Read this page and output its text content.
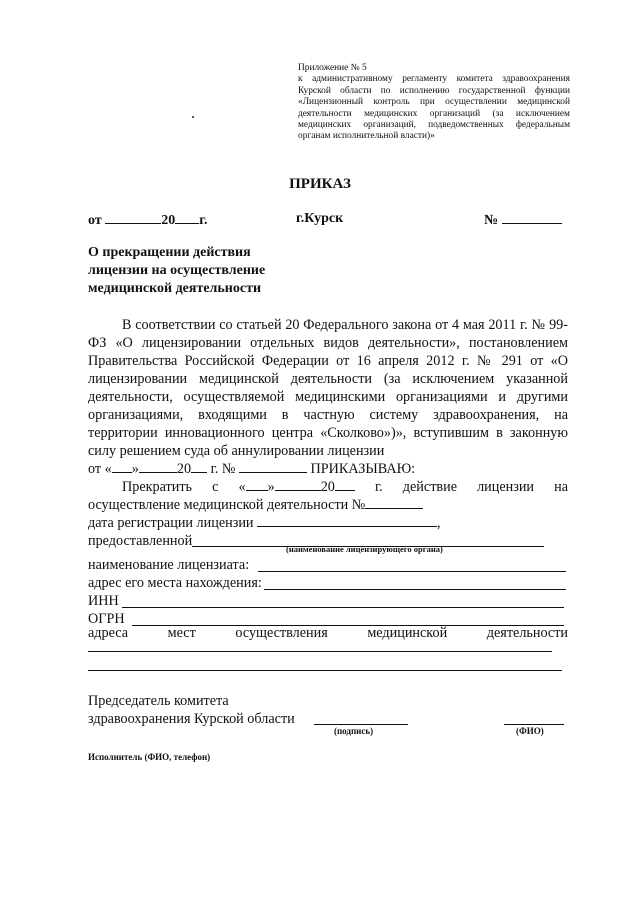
Приложение № 5
к административному регламенту комитета здравоохранения Курской области по исполнению государственной функции «Лицензионный контроль при осуществлении медицинской деятельности медицинских организаций (за исключением медицинских организаций, подведомственных федеральным органам исполнительной власти)»
ПРИКАЗ
от	20 г.	г.Курск	№
О прекращении действия лицензии на осуществление медицинской деятельности
В соответствии со статьей 20 Федерального закона от 4 мая 2011 г. № 99-ФЗ «О лицензировании отдельных видов деятельности», постановлением Правительства Российской Федерации от 16 апреля 2012 г. № 291 от «О лицензировании медицинской деятельности (за исключением указанной деятельности, осуществляемой медицинскими организациями и другими организациями, входящими в частную систему здравоохранения, на территории инновационного центра «Сколково»)», вступившим в законную силу решением суда об аннулировании лицензии
от « »	20 г. №	ПРИКАЗЫВАЮ:
Прекратить с « »	20	г. действие лицензии на
осуществление медицинской деятельности №
дата регистрации лицензии	,
предоставленной	(наименование лицензирующего органа)
наименование лицензиата:
адрес его места нахождения:
ИНН
ОГРН
адреса	мест	осуществления	медицинской	деятельности
Председатель комитета
здравоохранения Курской области
(подпись)	(ФИО)
Исполнитель (ФИО, телефон)
